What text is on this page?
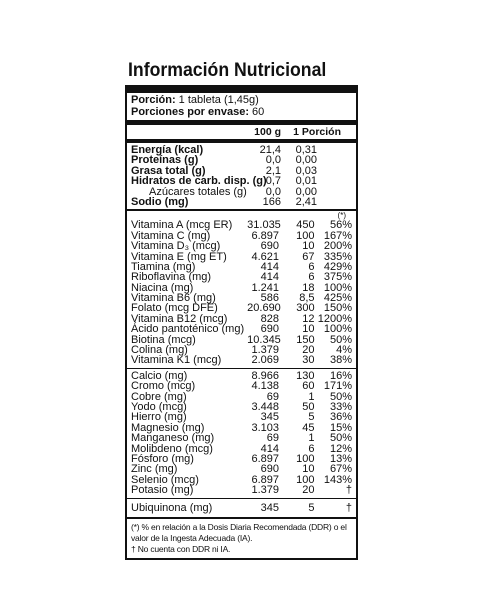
Información Nutricional
Porción: 1 tableta (1,45g)
Porciones por envase: 60
100 g	1 Porción
Energía (kcal)	21,4	0,31
Proteínas (g)	0,0	0,00
Grasa total (g)	2,1	0,03
Hidratos de carb. disp. (g) 0,7	0,01
Azúcares totales (g)	0,0	0,00
Sodio (mg)	166	2,41
(*)
Vitamina A (mcg ER)	31.035	450	56%
Vitamina C (mg)	6.897	100 167%
Vitamina D₃ (mcg)	690	10 200%
Vitamina E (mg ET)	4.621	67 335%
Tiamina (mg)	414	6 429%
Riboflavina (mg)	414	6 375%
Niacina (mg)	1.241	18 100%
Vitamina B6 (mg)	586	8,5 425%
Folato (mcg DFE)	20.690	300 150%
Vitamina B12 (mcg)	828	12 1200%
Ácido pantoténico (mg)	690	10 100%
Biotina (mcg)	10.345	150	50%
Colina (mg)	1.379	20	4%
Vitamina K1 (mcg)	2.069	30	38%
Calcio (mg)	8.966	130	16%
Cromo (mcg)	4.138	60 171%
Cobre (mg)	69	1	50%
Yodo (mcg)	3.448	50	33%
Hierro (mg)	345	5	36%
Magnesio (mg)	3.103	45	15%
Manganeso (mg)	69	1	50%
Molibdeno (mcg)	414	6	12%
Fósforo (mg)	6.897	100	13%
Zinc (mg)	690	10	67%
Selenio (mcg)	6.897	100 143%
Potasio (mg)	1.379	20	†
Ubiquinona (mg)	345	5	†
(*) % en relación a la Dosis Diaria Recomendada (DDR) o el valor de la Ingesta Adecuada (IA).
† No cuenta con DDR ni IA.
